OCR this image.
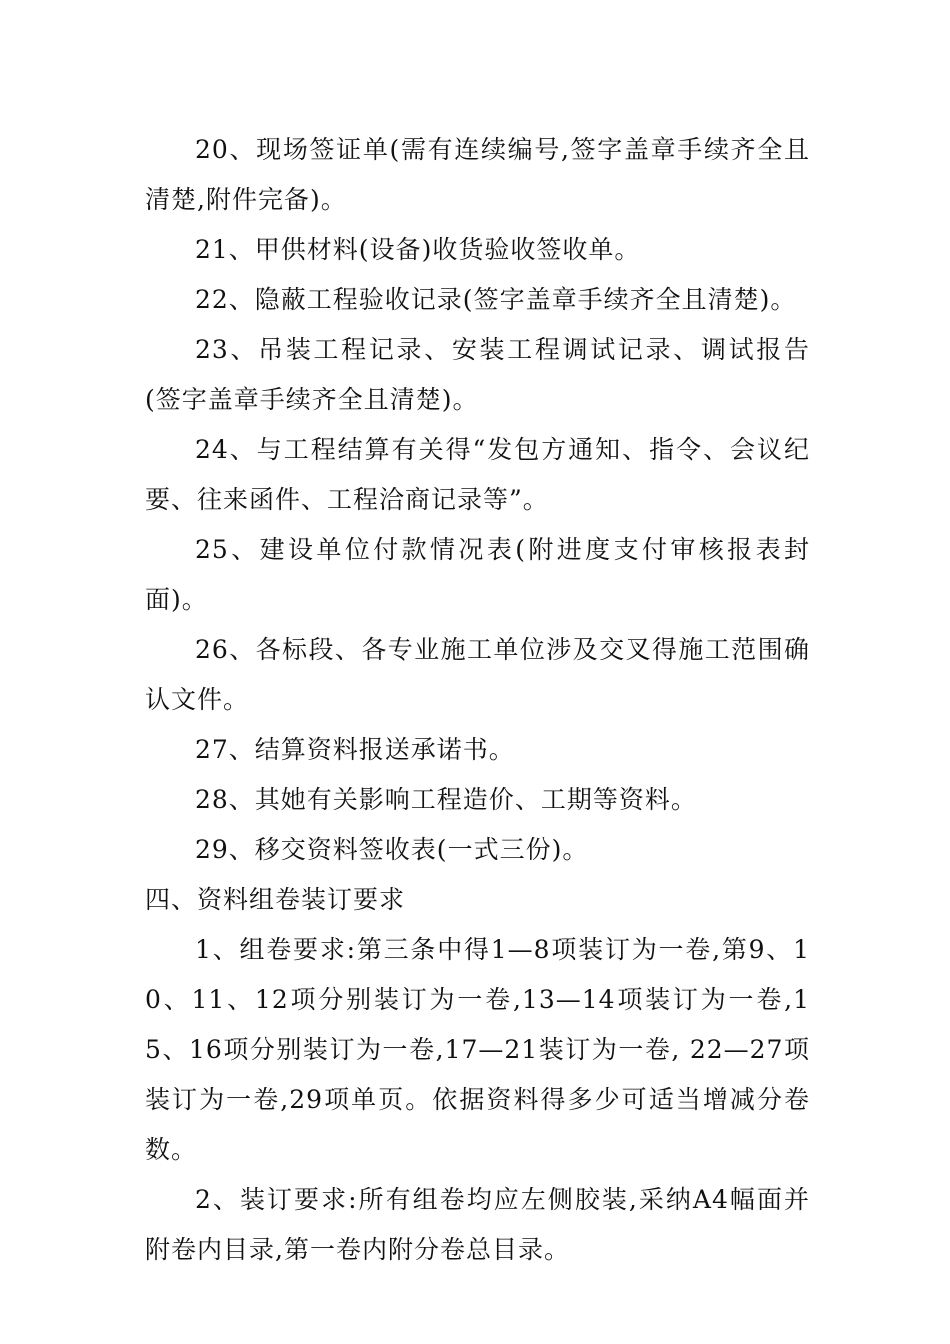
20、现场签证单(需有连续编号,签字盖章手续齐全且清楚,附件完备)。

21、甲供材料(设备)收货验收签收单。

22、隐蔽工程验收记录(签字盖章手续齐全且清楚)。

23、吊装工程记录、安装工程调试记录、调试报告(签字盖章手续齐全且清楚)。

24、与工程结算有关得“发包方通知、指令、会议纪要、往来函件、工程洽商记录等”。

25、建设单位付款情况表(附进度支付审核报表封面)。

26、各标段、各专业施工单位涉及交叉得施工范围确认文件。

27、结算资料报送承诺书。

28、其她有关影响工程造价、工期等资料。

29、移交资料签收表(一式三份)。

四、资料组卷装订要求

1、组卷要求:第三条中得1—8项装订为一卷,第9、10、11、12项分别装订为一卷,13—14项装订为一卷,15、16项分别装订为一卷,17—21装订为一卷, 22—27项装订为一卷,29项单页。依据资料得多少可适当增减分卷数。

2、装订要求:所有组卷均应左侧胶装,采纳A4幅面并附卷内目录,第一卷内附分卷总目录。
